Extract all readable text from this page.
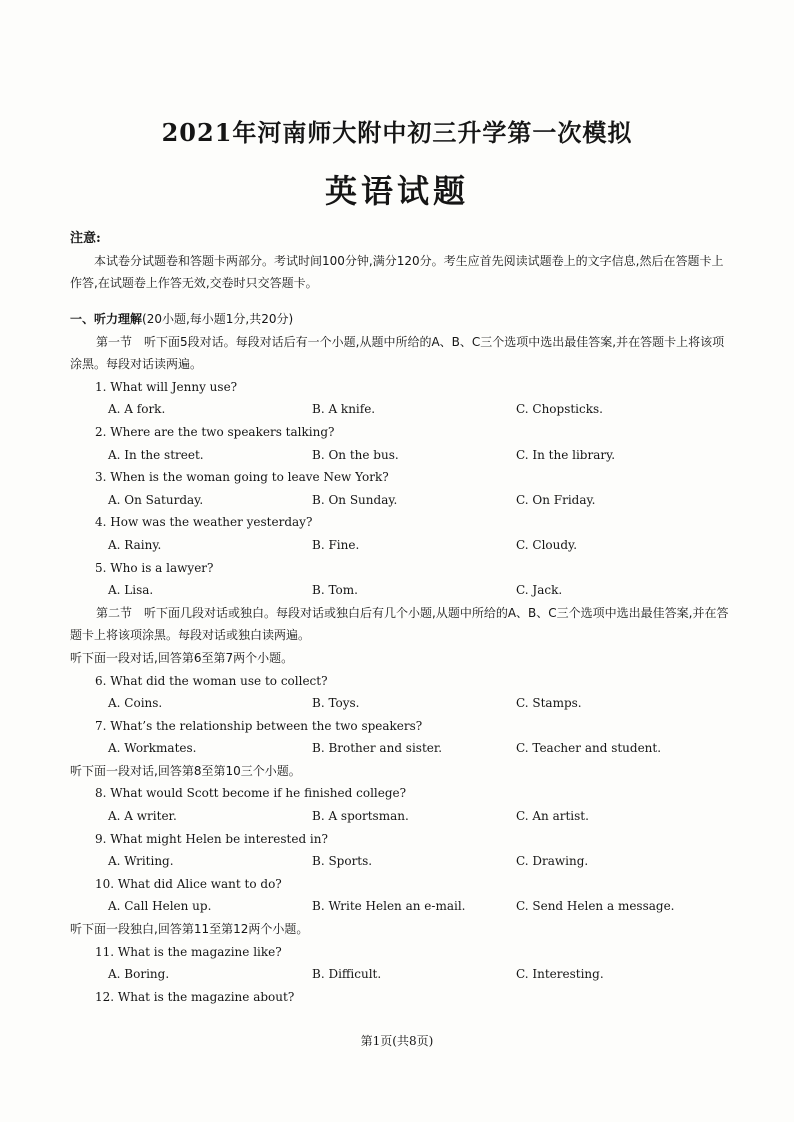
2021年河南师大附中初三升学第一次模拟
英语试题
注意:

本试卷分试题卷和答题卡两部分。考试时间100分钟,满分120分。考生应首先阅读试题卷上的文字信息,然后在答题卡上作答,在试题卷上作答无效,交卷时只交答题卡。

一、听力理解(20小题,每小题1分,共20分)
第一节　听下面5段对话。每段对话后有一个小题,从题中所给的A、B、C三个选项中选出最佳答案,并在答题卡上将该项涂黑。每段对话读两遍。
1. What will Jenny use?
A. A fork.	B. A knife.	C. Chopsticks.
2. Where are the two speakers talking?
A. In the street.	B. On the bus.	C. In the library.
3. When is the woman going to leave New York?
A. On Saturday.	B. On Sunday.	C. On Friday.
4. How was the weather yesterday?
A. Rainy.	B. Fine.	C. Cloudy.
5. Who is a lawyer?
A. Lisa.	B. Tom.	C. Jack.
第二节　听下面几段对话或独白。每段对话或独白后有几个小题,从题中所给的A、B、C三个选项中选出最佳答案,并在答题卡上将该项涂黑。每段对话或独白读两遍。
听下面一段对话,回答第6至第7两个小题。
6. What did the woman use to collect?
A. Coins.	B. Toys.	C. Stamps.
7. What’s the relationship between the two speakers?
A. Workmates.	B. Brother and sister.	C. Teacher and student.
听下面一段对话,回答第8至第10三个小题。
8. What would Scott become if he finished college?
A. A writer.	B. A sportsman.	C. An artist.
9. What might Helen be interested in?
A. Writing.	B. Sports.	C. Drawing.
10. What did Alice want to do?
A. Call Helen up.	B. Write Helen an e-mail.	C. Send Helen a message.
听下面一段独白,回答第11至第12两个小题。
11. What is the magazine like?
A. Boring.	B. Difficult.	C. Interesting.
12. What is the magazine about?
第1页(共8页)
